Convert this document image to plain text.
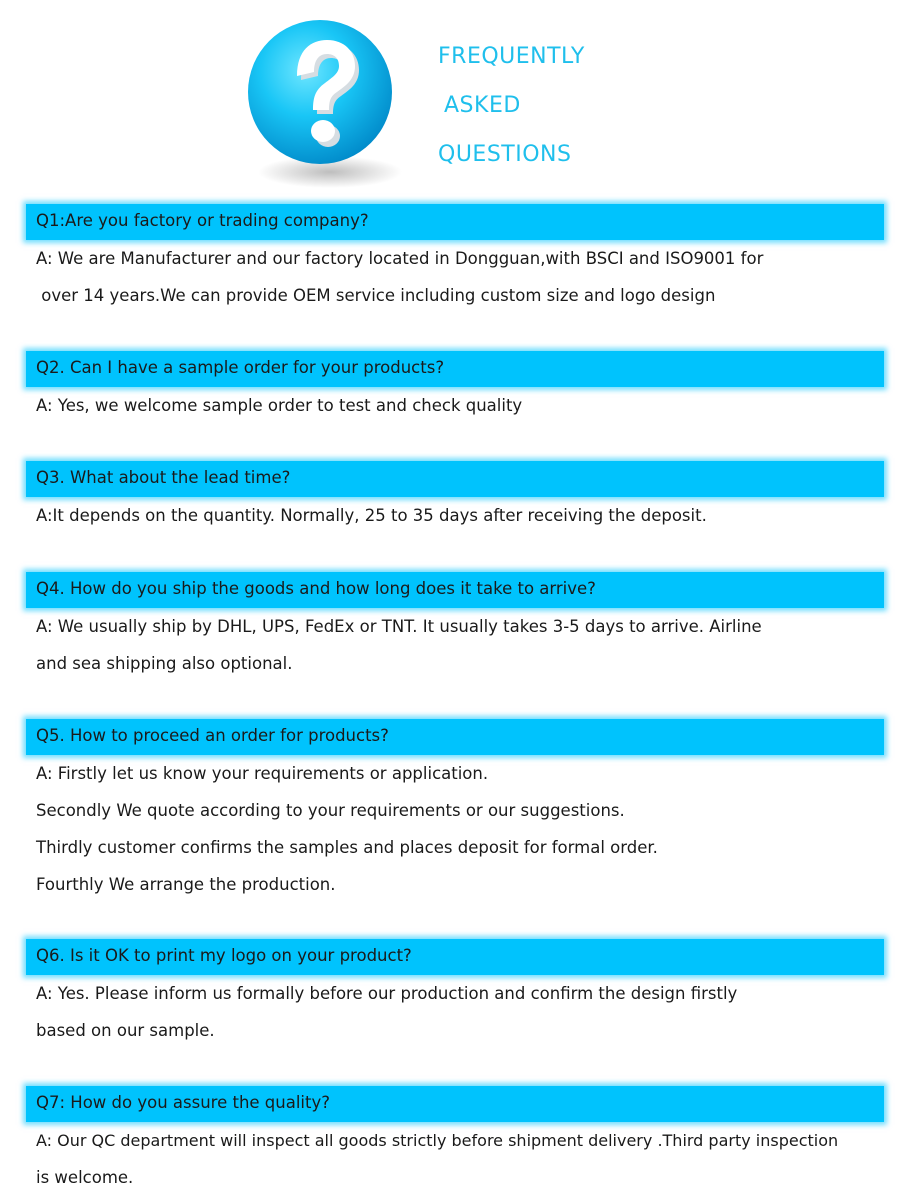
FREQUENTLY
ASKED
QUESTIONS
Q1:Are you factory or trading company?
A: We are Manufacturer and our factory located in Dongguan,with BSCI and ISO9001 for
over 14 years.We can provide OEM service including custom size and logo design
Q2. Can I have a sample order for your products?
A: Yes, we welcome sample order to test and check quality
Q3. What about the lead time?
A:It depends on the quantity. Normally, 25 to 35 days after receiving the deposit.
Q4. How do you ship the goods and how long does it take to arrive?
A: We usually ship by DHL, UPS, FedEx or TNT. It usually takes 3-5 days to arrive. Airline
and sea shipping also optional.
Q5. How to proceed an order for products?
A: Firstly let us know your requirements or application.
Secondly We quote according to your requirements or our suggestions.
Thirdly customer confirms the samples and places deposit for formal order.
Fourthly We arrange the production.
Q6. Is it OK to print my logo on your product?
A: Yes. Please inform us formally before our production and confirm the design firstly
based on our sample.
Q7: How do you assure the quality?
A: Our QC department will inspect all goods strictly before shipment delivery .Third party inspection
is welcome.
